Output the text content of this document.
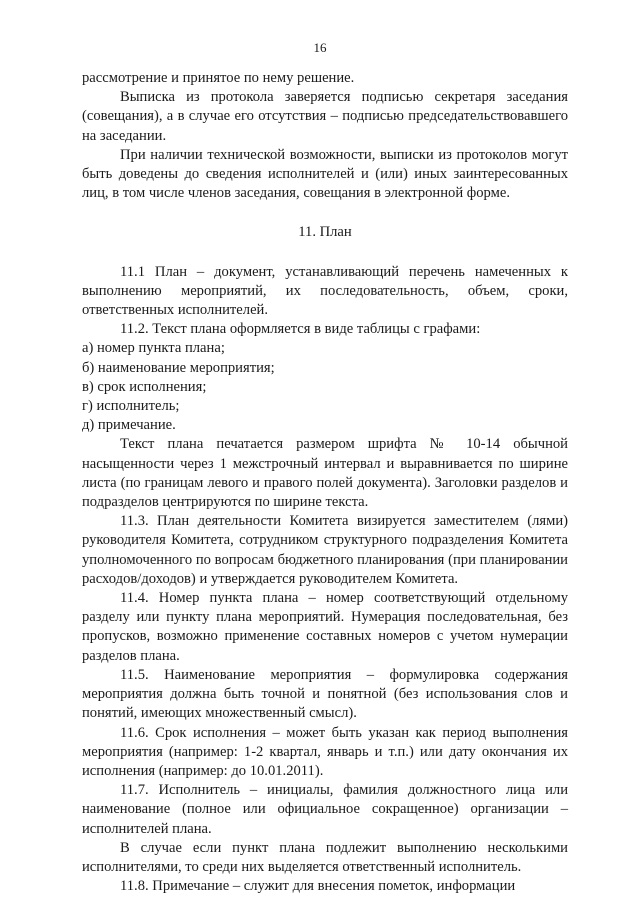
16

рассмотрение и принятое по нему решение.

Выписка из протокола заверяется подписью секретаря заседания (совещания), а в случае его отсутствия – подписью председательствовавшего на заседании.

При наличии технической возможности, выписки из протоколов могут быть доведены до сведения исполнителей и (или) иных заинтересованных лиц, в том числе членов заседания, совещания в электронной форме.

11. План

11.1 План – документ, устанавливающий перечень намеченных к выполнению мероприятий, их последовательность, объем, сроки, ответственных исполнителей.

11.2. Текст плана оформляется в виде таблицы с графами:

а) номер пункта плана;

б) наименование мероприятия;

в) срок исполнения;

г) исполнитель;

д) примечание.

Текст плана печатается размером шрифта № 10-14 обычной насыщенности через 1 межстрочный интервал и выравнивается по ширине листа (по границам левого и правого полей документа). Заголовки разделов и подразделов центрируются по ширине текста.

11.3. План деятельности Комитета визируется заместителем (лями) руководителя Комитета, сотрудником структурного подразделения Комитета уполномоченного по вопросам бюджетного планирования (при планировании расходов/доходов) и утверждается руководителем Комитета.

11.4. Номер пункта плана – номер соответствующий отдельному разделу или пункту плана мероприятий. Нумерация последовательная, без пропусков, возможно применение составных номеров с учетом нумерации разделов плана.

11.5. Наименование мероприятия – формулировка содержания мероприятия должна быть точной и понятной (без использования слов и понятий, имеющих множественный смысл).

11.6. Срок исполнения – может быть указан как период выполнения мероприятия (например: 1-2 квартал, январь и т.п.) или дату окончания их исполнения (например: до 10.01.2011).

11.7. Исполнитель – инициалы, фамилия должностного лица или наименование (полное или официальное сокращенное) организации – исполнителей плана.

В случае если пункт плана подлежит выполнению несколькими исполнителями, то среди них выделяется ответственный исполнитель.

11.8. Примечание – служит для внесения пометок, информации
